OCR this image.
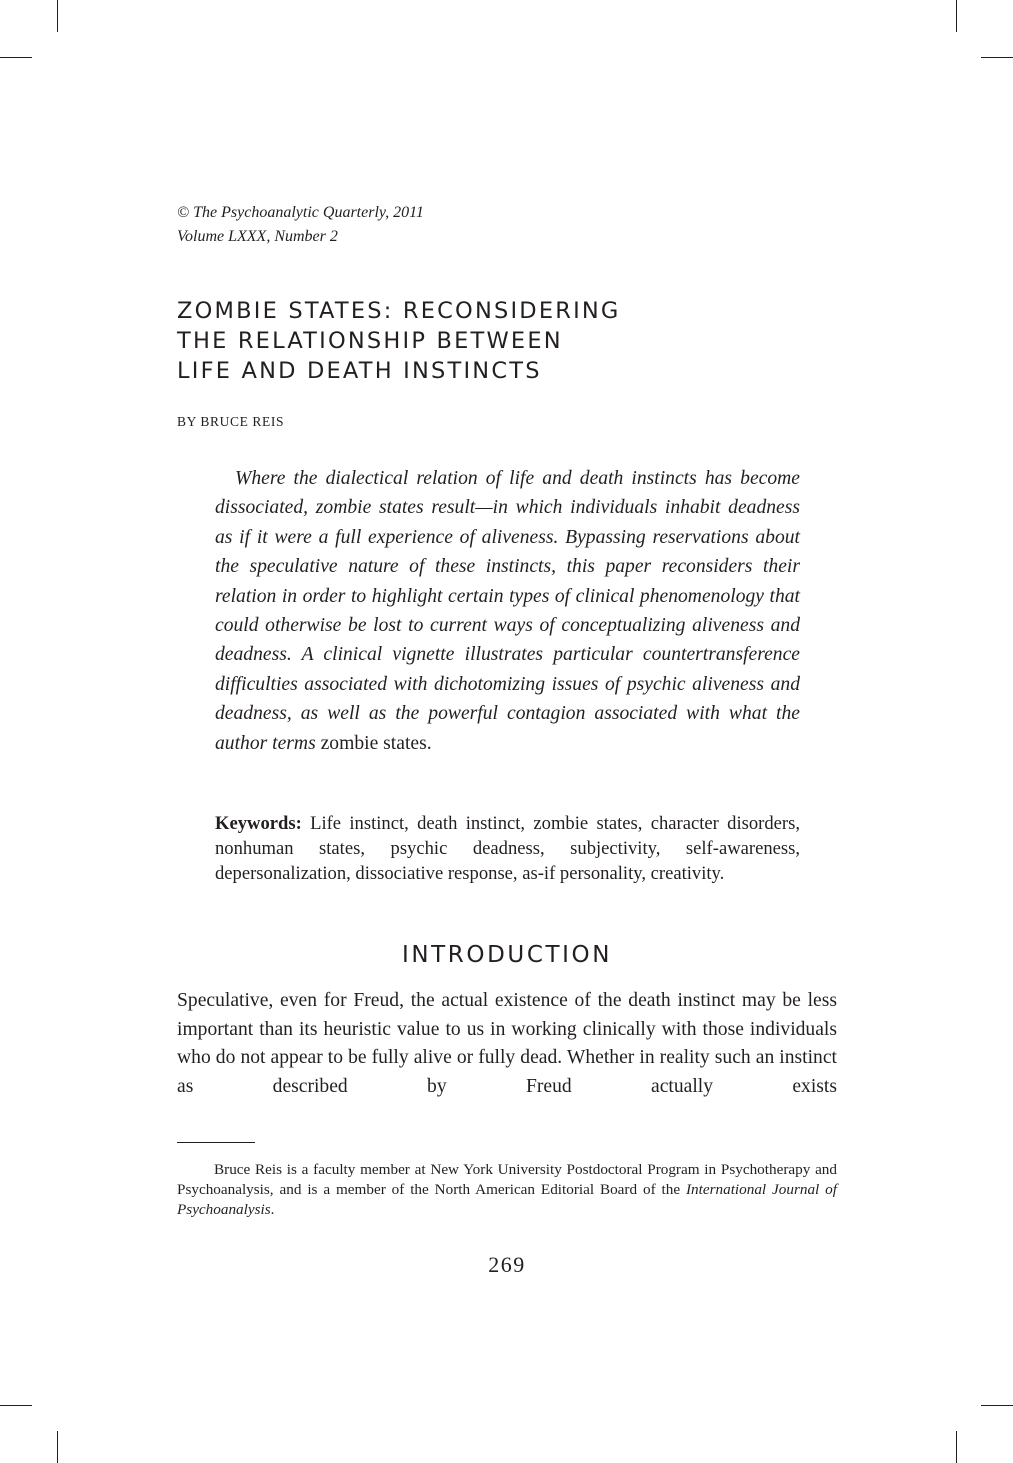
© The Psychoanalytic Quarterly, 2011

Volume LXXX, Number 2

ZOMBIE STATES: RECONSIDERING
THE RELATIONSHIP BETWEEN
LIFE AND DEATH INSTINCTS

BY BRUCE REIS

Where the dialectical relation of life and death instincts has become dissociated, zombie states result—in which individuals inhabit deadness as if it were a full experience of aliveness. Bypassing reservations about the speculative nature of these instincts, this paper reconsiders their relation in order to highlight certain types of clinical phenomenology that could otherwise be lost to current ways of conceptualizing aliveness and deadness. A clinical vignette illustrates particular countertransference difficulties associated with dichotomizing issues of psychic aliveness and deadness, as well as the powerful contagion associated with what the author terms zombie states.

Keywords: Life instinct, death instinct, zombie states, character disorders, nonhuman states, psychic deadness, subjectivity, self-awareness, depersonalization, dissociative response, as-if personality, creativity.

INTRODUCTION

Speculative, even for Freud, the actual existence of the death instinct may be less important than its heuristic value to us in working clinically with those individuals who do not appear to be fully alive or fully dead. Whether in reality such an instinct as described by Freud actually exists

Bruce Reis is a faculty member at New York University Postdoctoral Program in Psychotherapy and Psychoanalysis, and is a member of the North American Editorial Board of the International Journal of Psychoanalysis.

269
